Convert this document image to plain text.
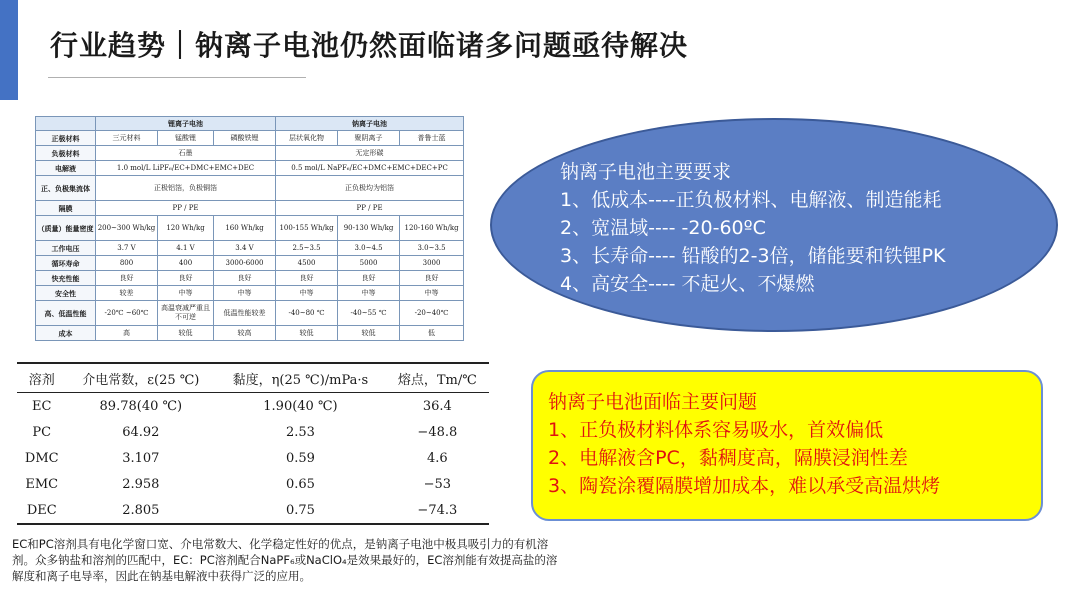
行业趋势｜钠离子电池仍然面临诸多问题亟待解决
	锂离子电池			钠离子电池		
正极材料	三元材料	锰酸锂	磷酸铁锂	层状氧化物	聚阴离子	普鲁士蓝
负极材料	石墨			无定形碳		
电解液	1.0 mol/L LiPF₆/EC+DMC+EMC+DEC			0.5 mol/L NaPF₆/EC+DMC+EMC+DEC+PC		
正、负极集流体	正极铝箔，负极铜箔			正负极均为铝箔		
隔膜	PP / PE			PP / PE		
（质量）能量密度	200~300 Wh/kg	120 Wh/kg	160 Wh/kg	100-155 Wh/kg	90-130 Wh/kg	120-160 Wh/kg
工作电压	3.7 V	4.1 V	3.4 V	2.5~3.5	3.0~4.5	3.0~3.5
循环寿命	800	400	3000-6000	4500	5000	3000
快充性能	良好	良好	良好	良好	良好	良好
安全性	较差	中等	中等	中等	中等	中等
高、低温性能	-20℃ ~60℃	高温衰减严重且不可逆	低温性能较差	-40~80 ℃	-40~55 ℃	-20~40℃
成本	高	较低	较高	较低	较低	低
溶剂	介电常数，ε(25 ℃)	黏度，η(25 ℃)/mPa·s	熔点，Tm/℃
EC	89.78(40 ℃)	1.90(40 ℃)	36.4
PC	64.92	2.53	−48.8
DMC	3.107	0.59	4.6
EMC	2.958	0.65	−53
DEC	2.805	0.75	−74.3
EC和PC溶剂具有电化学窗口宽、介电常数大、化学稳定性好的优点，是钠离子电池中极具吸引力的有机溶剂。众多钠盐和溶剂的匹配中，EC：PC溶剂配合NaPF₆或NaClO₄是效果最好的，EC溶剂能有效提高盐的溶解度和离子电导率，因此在钠基电解液中获得广泛的应用。
钠离子电池主要要求
1、低成本----正负极材料、电解液、制造能耗
2、宽温域---- -20-60ºC
3、长寿命---- 铅酸的2-3倍，储能要和铁锂PK
4、高安全---- 不起火、不爆燃
钠离子电池面临主要问题
1、正负极材料体系容易吸水，首效偏低
2、电解液含PC，黏稠度高，隔膜浸润性差
3、陶瓷涂覆隔膜增加成本，难以承受高温烘烤
